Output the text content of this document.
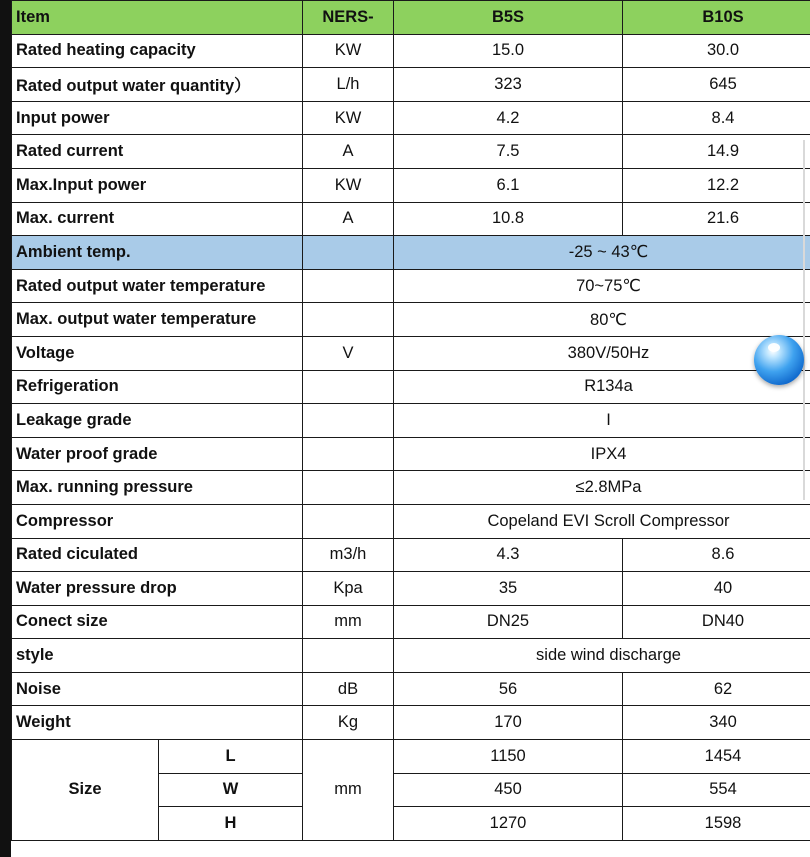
Item		NERS-	B5S	B10S
Rated heating capacity		KW	15.0	30.0
Rated output water quantity）		L/h	323	645
Input power		KW	4.2	8.4
Rated current		A	7.5	14.9
Max.Input power		KW	6.1	12.2
Max. current		A	10.8	21.6
Ambient temp.			-25 ~ 43℃	
Rated output water temperature			70~75℃	
Max. output water temperature			80℃	
Voltage		V	380V/50Hz	
Refrigeration			R134a	
Leakage grade			I	
Water proof grade			IPX4	
Max. running pressure			≤2.8MPa	
Compressor			Copeland EVI Scroll Compressor	
Rated ciculated		m3/h	4.3	8.6
Water pressure drop		Kpa	35	40
Conect size		mm	DN25	DN40
style			side wind discharge	
Noise		dB	56	62
Weight		Kg	170	340
Size	L	mm	1150	1454
	W		450	554
	H		1270	1598
